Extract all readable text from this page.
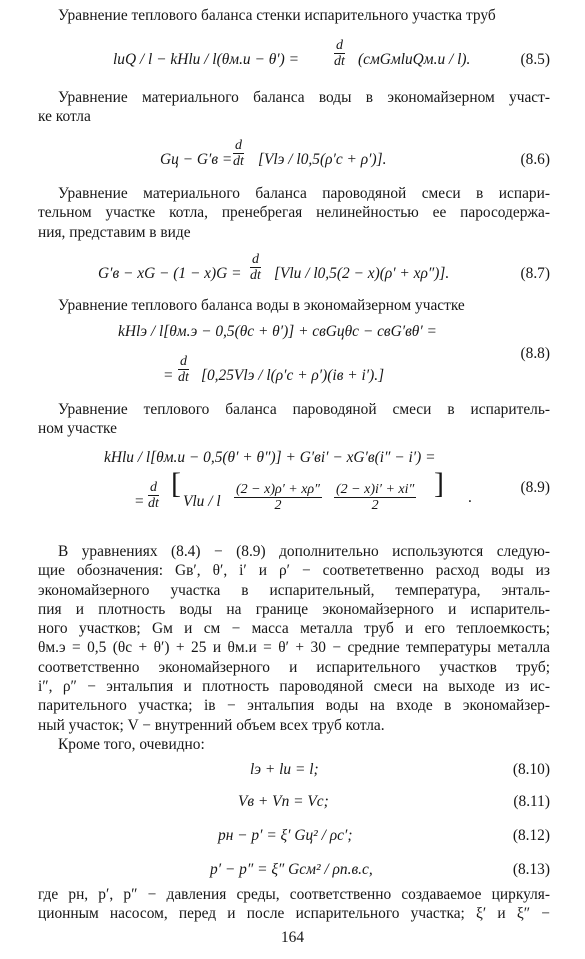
Уравнение теплового баланса стенки испарительного участка труб
lиQ / l − kHlи / l(θм.и − θ′) =	$\frac{d}{dt}$ (cмGмlиQм.и / l).	(8.5)
Уравнение материального баланса воды в экономайзерном участ-
ке котла
Gц − $G'в = \frac{d}{dt} [Vlэ / l0,5(\rho'с + \rho')]$.	(8.6)
Уравнение материального баланса пароводяной смеси в испари-
тельном участке котла, пренебрегая нелинейностью ее паросодержа-
ния, представим в виде
G′в − xG − $(1 - x)G = \frac{d}{dt} [Vlи / l0,5(2 - x)(\rho' + x\rho'')]$.	(8.7)
Уравнение теплового баланса воды в экономайзерном участке
kHlэ / l[θм.э − 0,5(θс + θ′)] + cвGцθс − cвG′вθ′ =
= $\frac{d}{dt} [0,25Vlэ / l(\rho'с + \rho')(iв + i').]$
(8.8)
Уравнение теплового баланса пароводяной смеси в испаритель-
ном участке
kHlи / l[θм.и − 0,5(θ′ + θ″)] + G′вi′ − xG′в(i″ − i′) =
= $\frac{d}{dt}$ [
Vlи / l $\frac{(2 - x)\rho' + x\rho''}{2} \frac{(2 - x)i' + xi''}{2}$ ] .
(8.9)
В уравнениях (8.4) − (8.9) дополнительно используются следую-
щие обозначения: Gв′, θ′, i′ и ρ′ − соответетвенно расход воды из
экономайзерного участка в испарительный, температура, энталь-
пия и плотность воды на границе экономайзерного и испаритель-
ного участков; Gм и cм − масса металла труб и его теплоемкость;
θм.э = 0,5 (θс + θ′) + 25 и θм.и = θ′ + 30 − средние температуры металла
соответственно экономайзерного и испарительного участков труб;
i″, ρ″ − энтальпия и плотность пароводяной смеси на выходе из ис-
парительного участка; iв − энтальпия воды на входе в экономайзер-
ный участок; V − внутренний объем всех труб котла.
Кроме того, очевидно:
lэ + lи = l;	(8.10)
Vв + Vп = Vс;	(8.11)
pн − p′ = ξ′ Gц² / ρс′;	(8.12)
p′ − p″ = ξ″ Gсм² / ρп.в.с,	(8.13)
где pн, p′, p″ − давления среды, соответственно создаваемое циркуля-
ционным насосом, перед и после испарительного участка; ξ′ и ξ″ −
164
